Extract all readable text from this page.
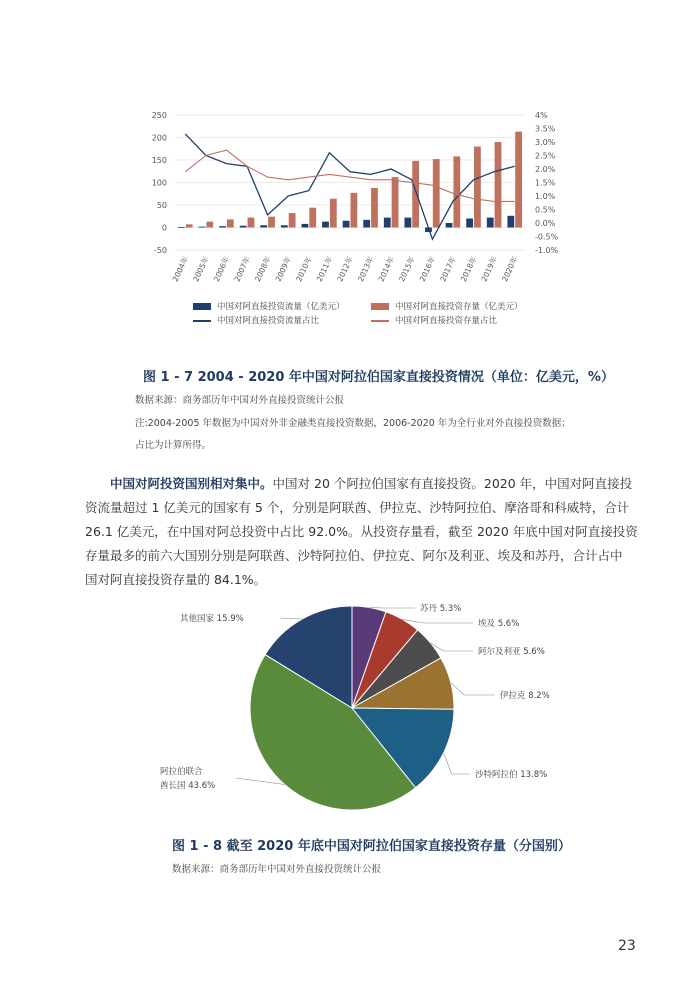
250
200
150
100
50
0
-50
4%
3.5%
3.0%
2.5%
2.0%
1.5%
1.0%
0.5%
0.0%
-0.5%
-1.0%
2004年 2005年 2006年 2007年 2008年 2009年 2010年 2011年 2012年 2013年 2014年 2015年 2016年 2017年 2018年 2019年 2020年
中国对阿直接投资流量（亿美元）	中国对阿直接投资存量（亿美元）
中国对阿直接投资流量占比	中国对阿直接投资存量占比
图 1 - 7 2004 - 2020 年中国对阿拉伯国家直接投资情况（单位：亿美元，%）
数据来源：商务部历年中国对外直接投资统计公报
注:2004-2005 年数据为中国对外非金融类直接投资数据，2006-2020 年为全行业对外直接投资数据；
占比为计算所得。
中国对阿投资国别相对集中。中国对 20 个阿拉伯国家有直接投资。2020 年，中国对阿直接投
资流量超过 1 亿美元的国家有 5 个，分别是阿联酋、伊拉克、沙特阿拉伯、摩洛哥和科威特，合计
26.1 亿美元，在中国对阿总投资中占比 92.0%。从投资存量看，截至 2020 年底中国对阿直接投资
存量最多的前六大国别分别是阿联酋、沙特阿拉伯、伊拉克、阿尔及利亚、埃及和苏丹，合计占中
国对阿直接投资存量的 84.1%。
苏丹 5.3%
埃及 5.6%
阿尔及利亚 5.6%
伊拉克 8.2%
沙特阿拉伯 13.8%
阿拉伯联合
酋长国 43.6%
其他国家 15.9%
图 1 - 8 截至 2020 年底中国对阿拉伯国家直接投资存量（分国别）
数据来源：商务部历年中国对外直接投资统计公报
23
